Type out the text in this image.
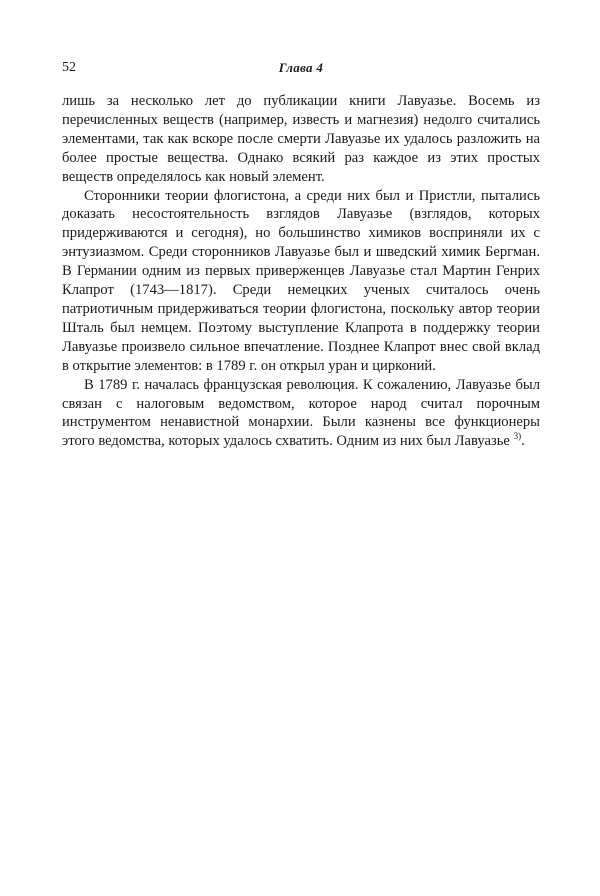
52	Глава 4

лишь за несколько лет до публикации книги Лавуазье. Восемь из перечисленных веществ (например, известь и магнезия) недолго считались элементами, так как вскоре после смерти Лавуазье их удалось разложить на более простые вещества. Однако всякий раз каждое из этих простых веществ определялось как новый элемент.

Сторонники теории флогистона, а среди них был и Пристли, пытались доказать несостоятельность взглядов Лавуазье (взглядов, которых придерживаются и сегодня), но большинство химиков восприняли их с энтузиазмом. Среди сторонников Лавуазье был и шведский химик Бергман. В Германии одним из первых приверженцев Лавуазье стал Мартин Генрих Клапрот (1743—1817). Среди немецких ученых считалось очень патриотичным придерживаться теории флогистона, поскольку автор теории Шталь был немцем. Поэтому выступление Клапрота в поддержку теории Лавуазье произвело сильное впечатление. Позднее Клапрот внес свой вклад в открытие элементов: в 1789 г. он открыл уран и цирконий.

В 1789 г. началась французская революция. К сожалению, Лавуазье был связан с налоговым ведомством, которое народ считал порочным инструментом ненавистной монархии. Были казнены все функционеры этого ведомства, которых удалось схватить. Одним из них был Лавуазье $^{3)}$.
